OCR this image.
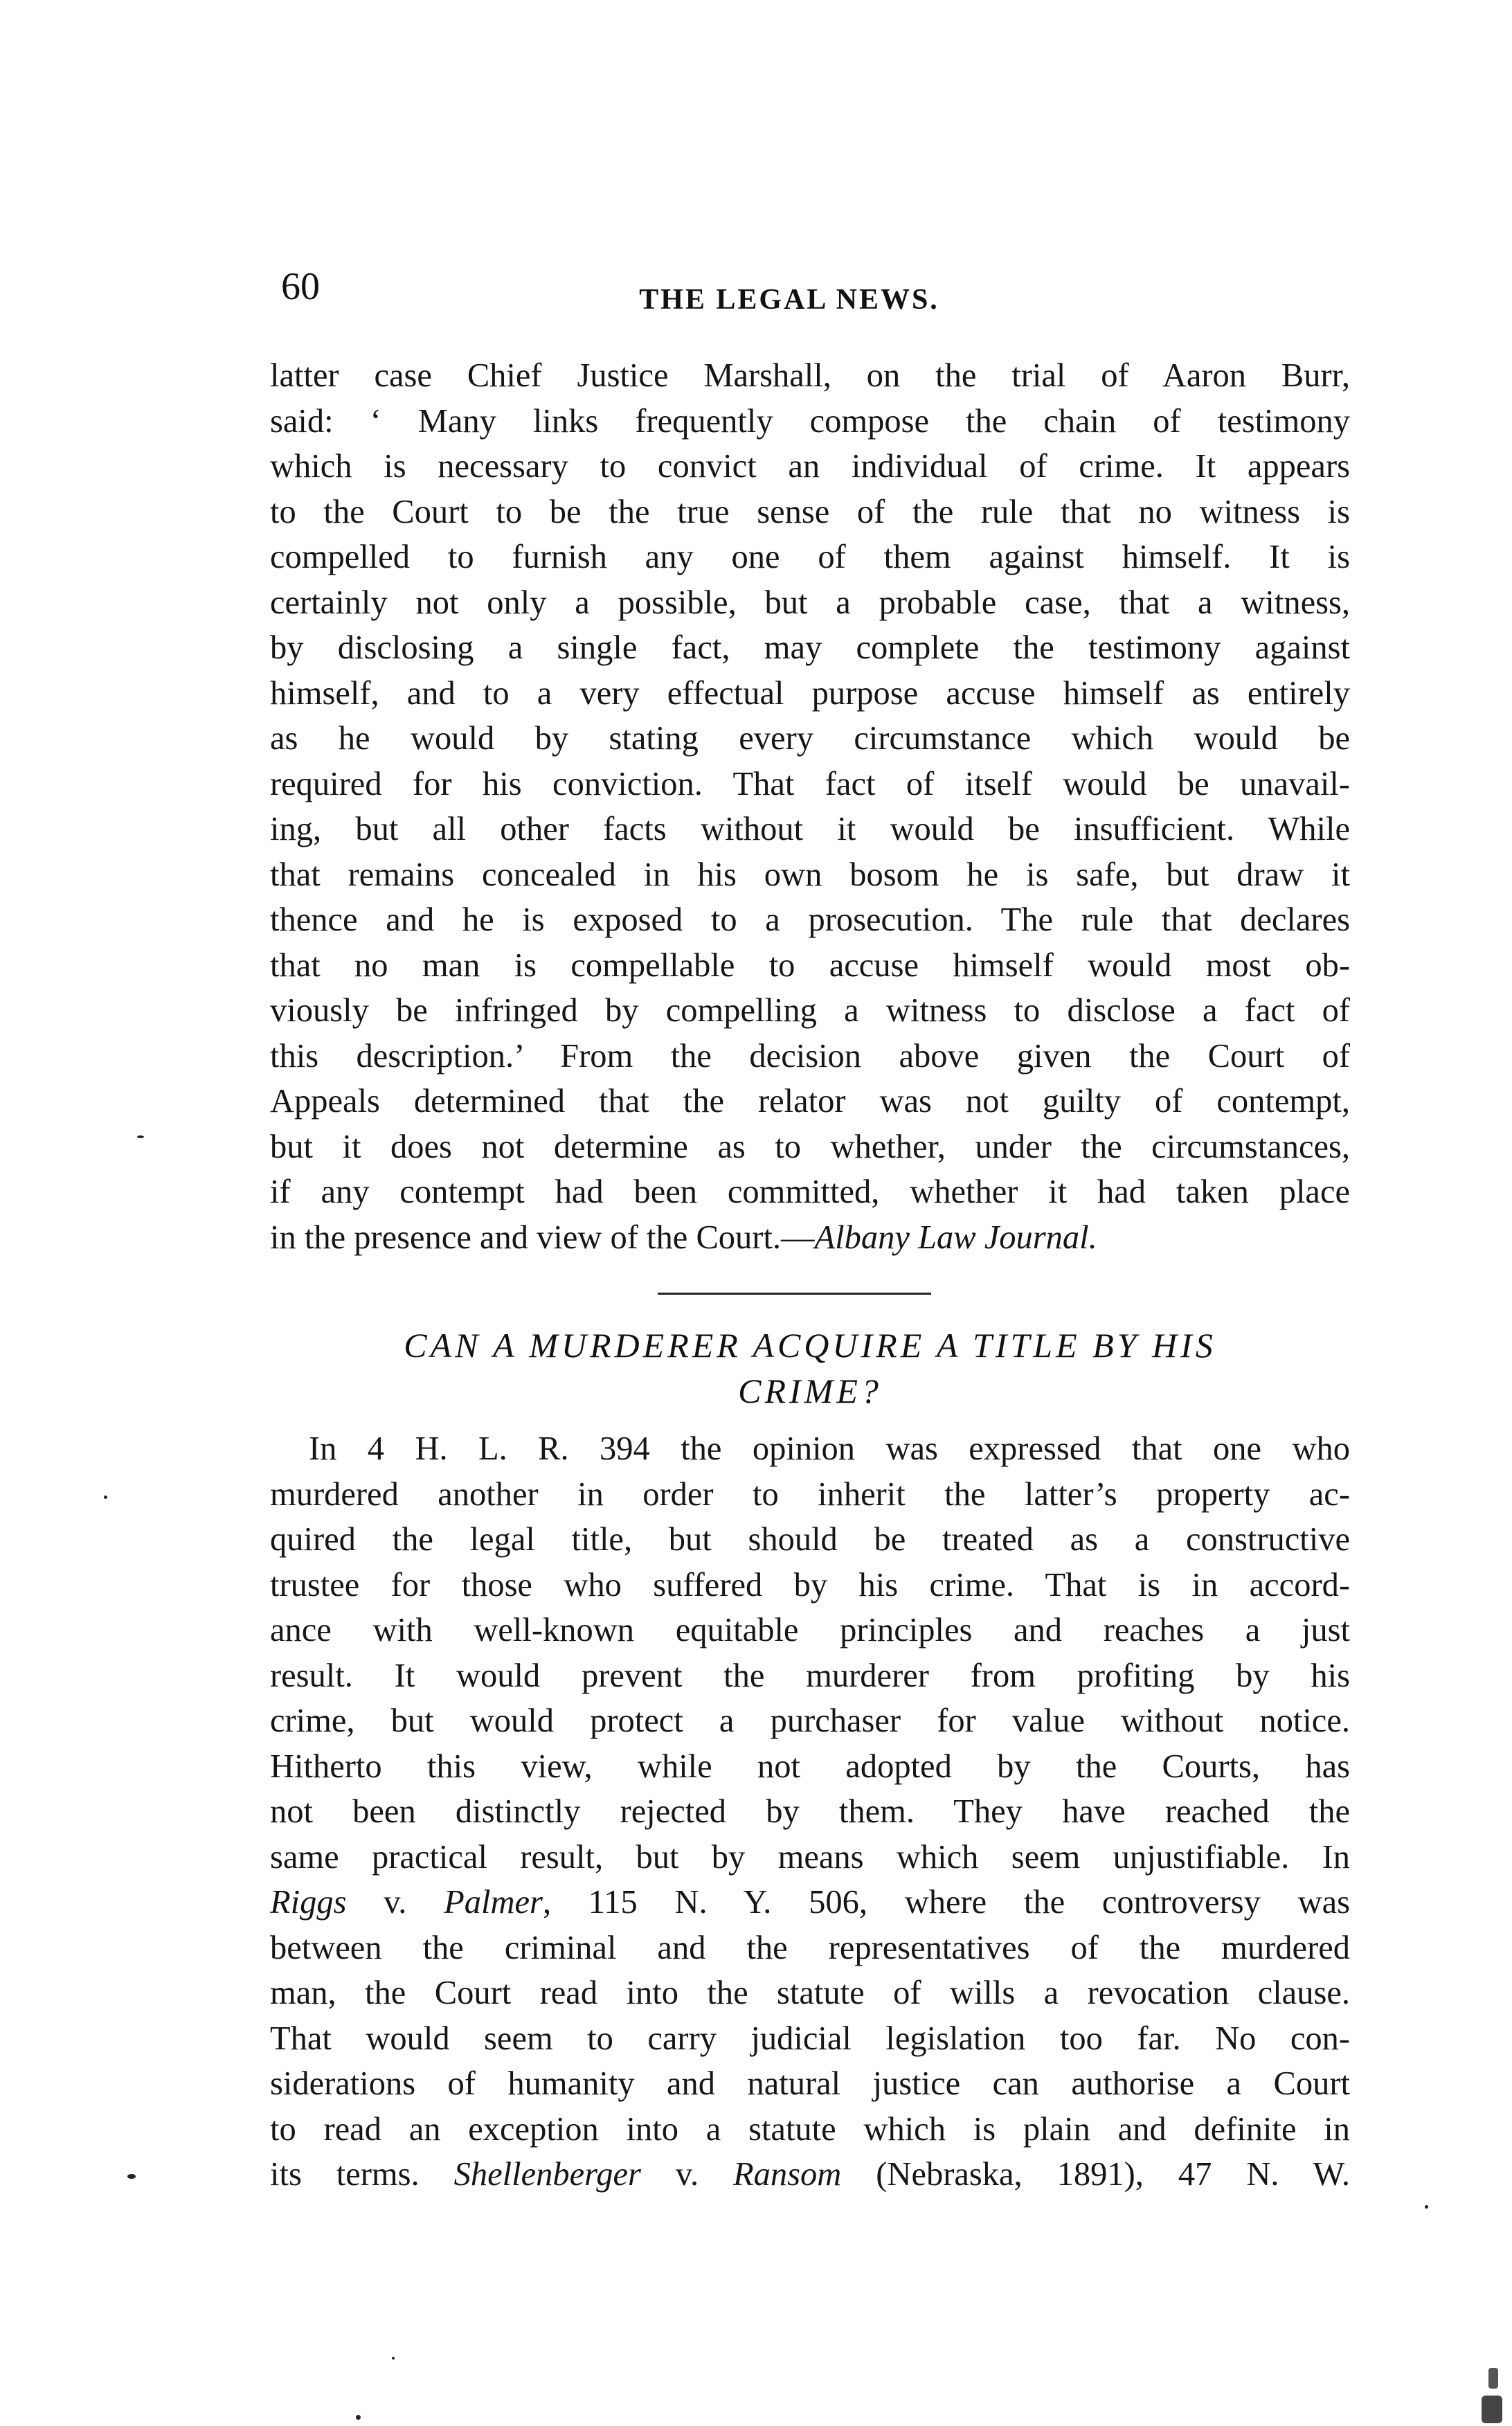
60	THE LEGAL NEWS.
latter case Chief Justice Marshall, on the trial of Aaron Burr,
said: ‘ Many links frequently compose the chain of testimony
which is necessary to convict an individual of crime. It appears
to the Court to be the true sense of the rule that no witness is
compelled to furnish any one of them against himself. It is
certainly not only a possible, but a probable case, that a witness,
by disclosing a single fact, may complete the testimony against
himself, and to a very effectual purpose accuse himself as entirely
as he would by stating every circumstance which would be
required for his conviction. That fact of itself would be unavail-
ing, but all other facts without it would be insufficient. While
that remains concealed in his own bosom he is safe, but draw it
thence and he is exposed to a prosecution. The rule that declares
that no man is compellable to accuse himself would most ob-
viously be infringed by compelling a witness to disclose a fact of
this description.’ From the decision above given the Court of
Appeals determined that the relator was not guilty of contempt,
but it does not determine as to whether, under the circumstances,
if any contempt had been committed, whether it had taken place
in the presence and view of the Court.—Albany Law Journal.
CAN A MURDERER ACQUIRE A TITLE BY HIS
CRIME?
In 4 H. L. R. 394 the opinion was expressed that one who
murdered another in order to inherit the latter’s property ac-
quired the legal title, but should be treated as a constructive
trustee for those who suffered by his crime. That is in accord-
ance with well-known equitable principles and reaches a just
result. It would prevent the murderer from profiting by his
crime, but would protect a purchaser for value without notice.
Hitherto this view, while not adopted by the Courts, has
not been distinctly rejected by them. They have reached the
same practical result, but by means which seem unjustifiable. In
Riggs v. Palmer, 115 N. Y. 506, where the controversy was
between the criminal and the representatives of the murdered
man, the Court read into the statute of wills a revocation clause.
That would seem to carry judicial legislation too far. No con-
siderations of humanity and natural justice can authorise a Court
to read an exception into a statute which is plain and definite in
its terms. Shellenberger v. Ransom (Nebraska, 1891), 47 N. W.
